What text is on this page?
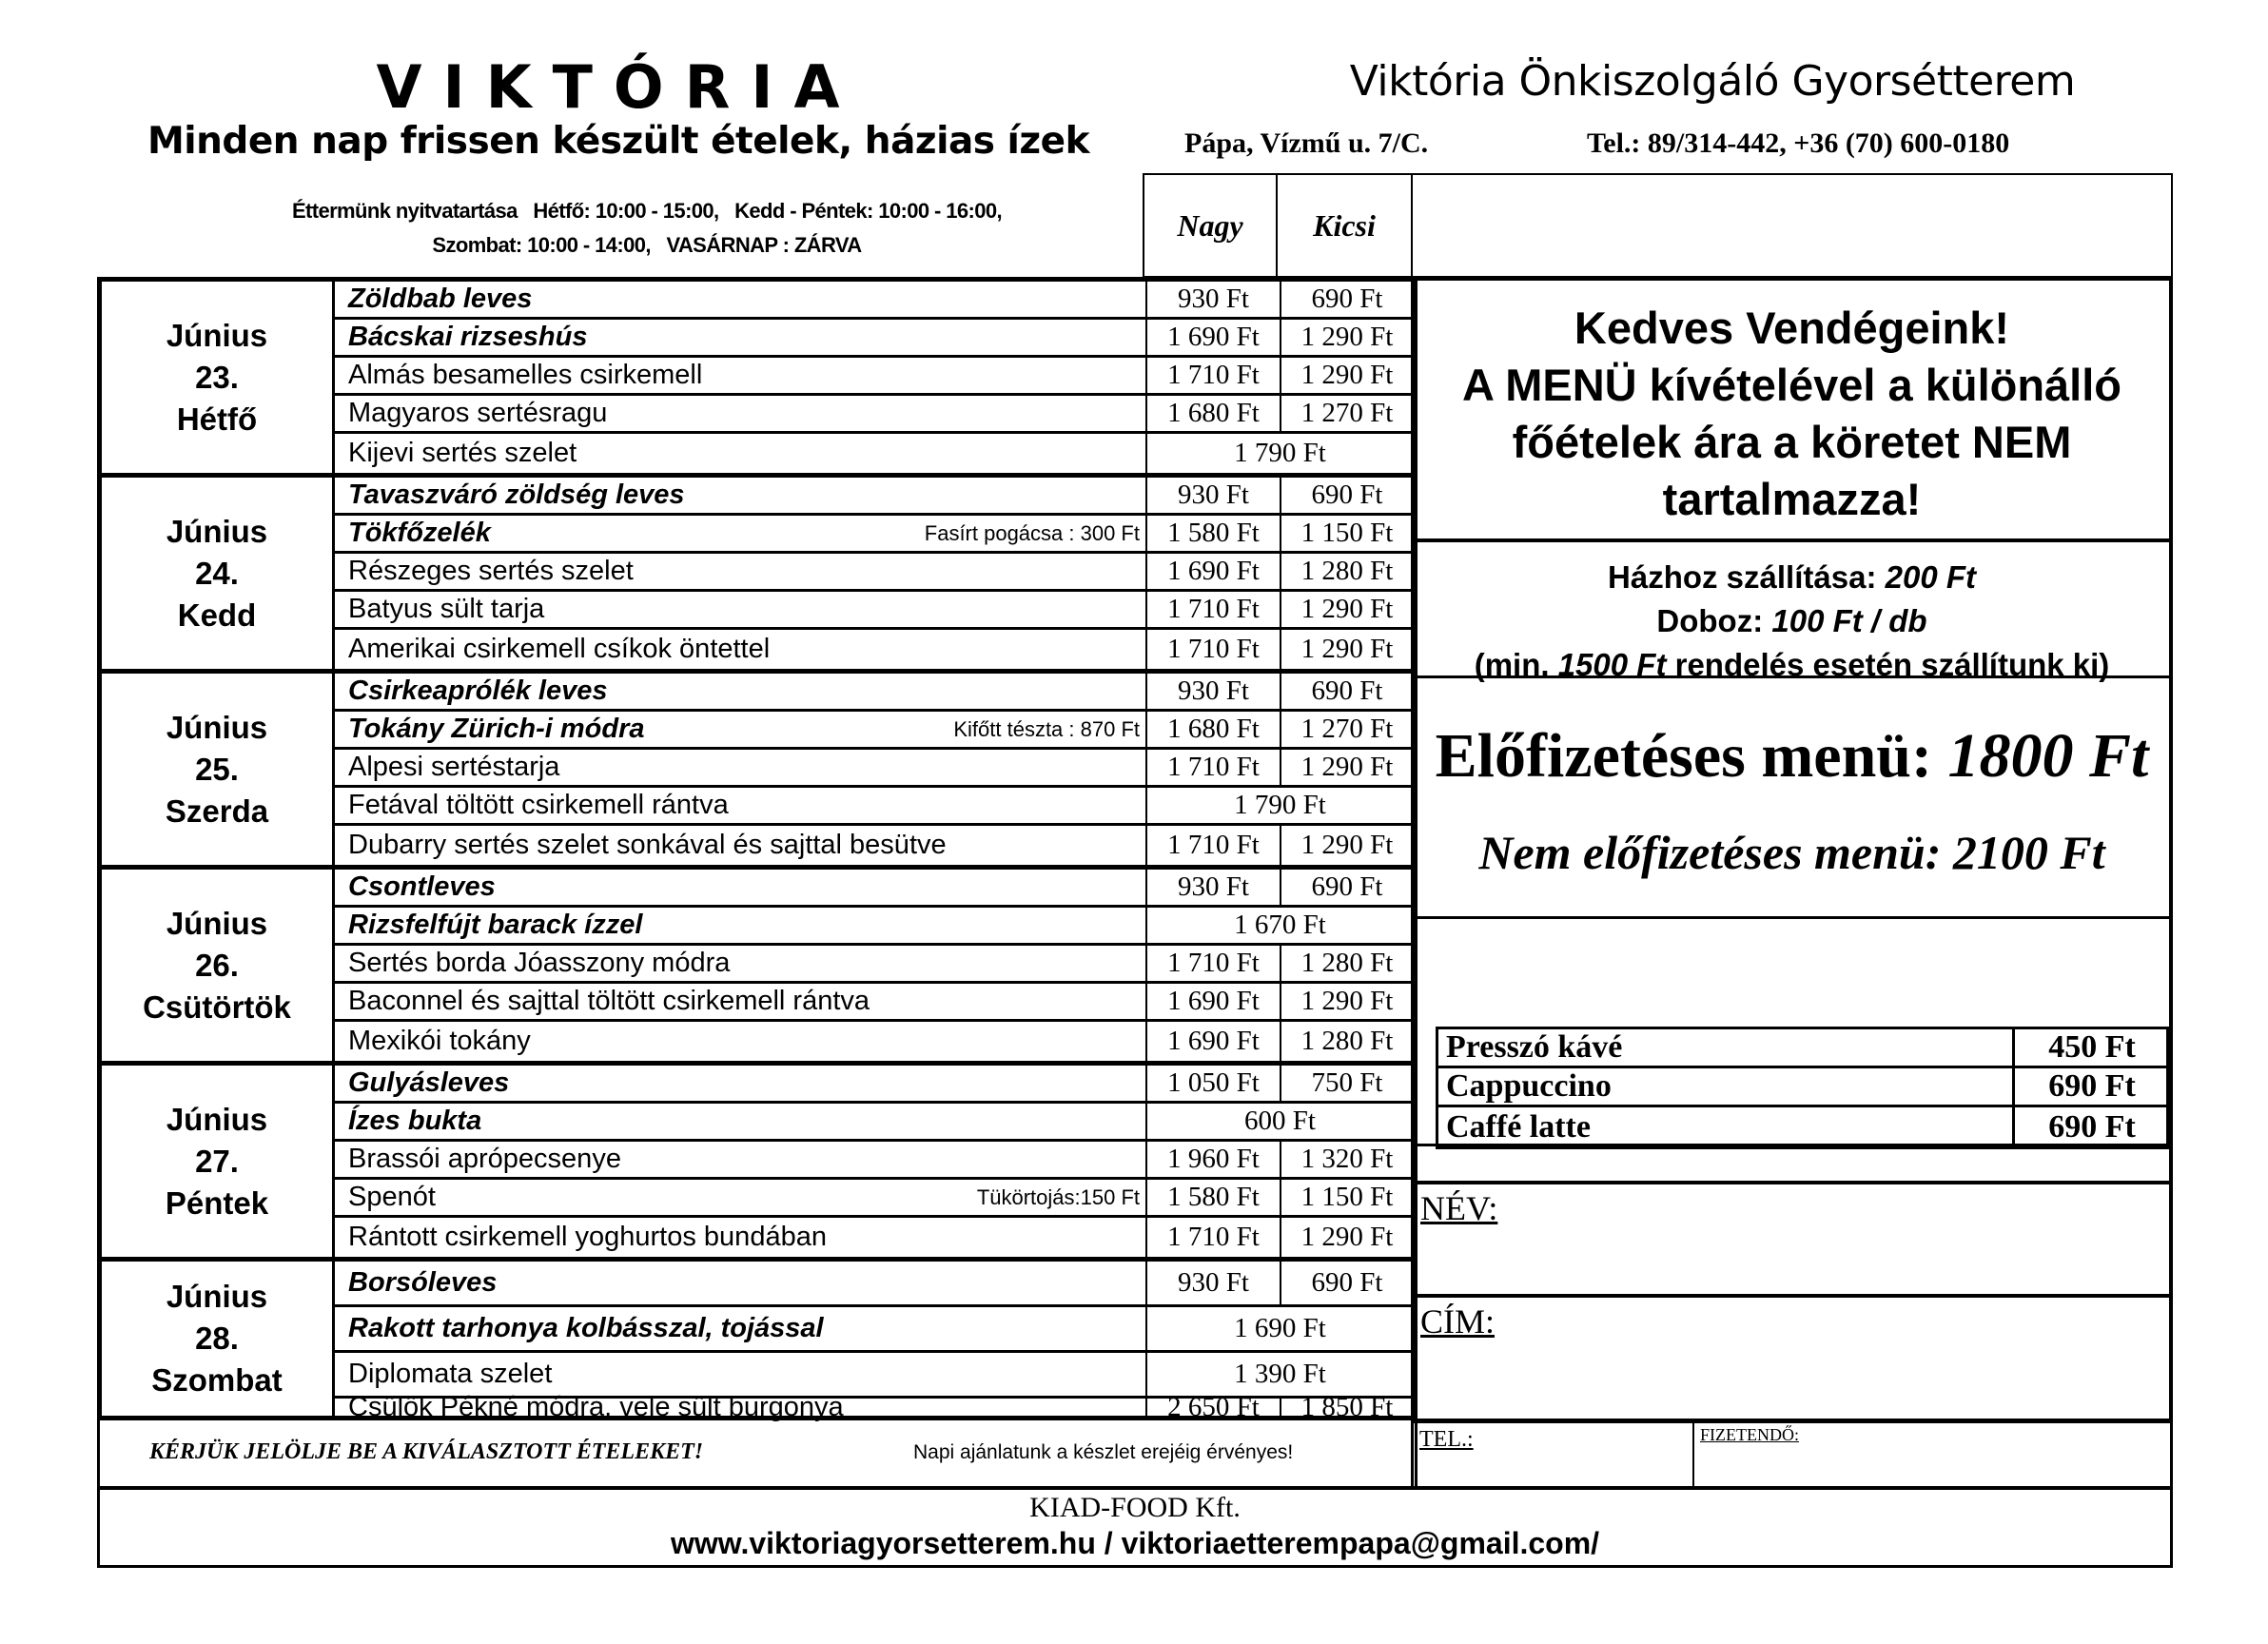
VIKTÓRIA
Minden nap frissen készült ételek, házias ízek
Éttermünk nyitvatartása   Hétfő: 10:00 - 15:00,   Kedd - Péntek: 10:00 - 16:00,
Szombat: 10:00 - 14:00,   VASÁRNAP : ZÁRVA
Viktória Önkiszolgáló Gyorsétterem
Pápa, Vízmű u. 7/C.	Tel.: 89/314-442, +36 (70) 600-0180
Nagy	Kicsi
Június
23.
Hétfő
Zöldbab leves	930 Ft	690 Ft
Bácskai rizseshús	1 690 Ft	1 290 Ft
Almás besamelles csirkemell	1 710 Ft	1 290 Ft
Magyaros sertésragu	1 680 Ft	1 270 Ft
Kijevi sertés szelet	1 790 Ft
Június
24.
Kedd
Tavaszváró zöldség leves	930 Ft	690 Ft
Tökfőzelék	Fasírt pogácsa : 300 Ft	1 580 Ft	1 150 Ft
Részeges sertés szelet	1 690 Ft	1 280 Ft
Batyus sült tarja	1 710 Ft	1 290 Ft
Amerikai csirkemell csíkok öntettel	1 710 Ft	1 290 Ft
Június
25.
Szerda
Csirkeaprólék leves	930 Ft	690 Ft
Tokány Zürich-i módra	Kifőtt tészta : 870 Ft	1 680 Ft	1 270 Ft
Alpesi sertéstarja	1 710 Ft	1 290 Ft
Fetával töltött csirkemell rántva	1 790 Ft
Dubarry sertés szelet sonkával és sajttal besütve	1 710 Ft	1 290 Ft
Június
26.
Csütörtök
Csontleves	930 Ft	690 Ft
Rizsfelfújt barack ízzel	1 670 Ft
Sertés borda Jóasszony módra	1 710 Ft	1 280 Ft
Baconnel és sajttal töltött csirkemell rántva	1 690 Ft	1 290 Ft
Mexikói tokány	1 690 Ft	1 280 Ft
Június
27.
Péntek
Gulyásleves	1 050 Ft	750 Ft
Ízes bukta	600 Ft
Brassói aprópecsenye	1 960 Ft	1 320 Ft
Spenót	Tükörtojás:150 Ft	1 580 Ft	1 150 Ft
Rántott csirkemell yoghurtos bundában	1 710 Ft	1 290 Ft
Június
28.
Szombat
Borsóleves	930 Ft	690 Ft
Rakott tarhonya kolbásszal, tojással	1 690 Ft
Diplomata szelet	1 390 Ft
Csülök Pékné módra, vele sült burgonya	2 650 Ft	1 850 Ft
Kedves Vendégeink!
A MENÜ kívételével a különálló
főételek ára a köretet NEM
tartalmazza!
Házhoz szállítása: 200 Ft
Doboz: 100 Ft / db
(min. 1500 Ft rendelés esetén szállítunk ki)
Előfizetéses menü: 1800 Ft
Nem előfizetéses menü: 2100 Ft
Presszó kávé	450 Ft
Cappuccino	690 Ft
Caffé latte	690 Ft
NÉV:
CÍM:
TEL.:	FIZETENDŐ:
KÉRJÜK JELÖLJE BE A KIVÁLASZTOTT ÉTELEKET!	Napi ajánlatunk a készlet erejéig érvényes!
KIAD-FOOD Kft.
www.viktoriagyorsetterem.hu / viktoriaetterempapa@gmail.com/
